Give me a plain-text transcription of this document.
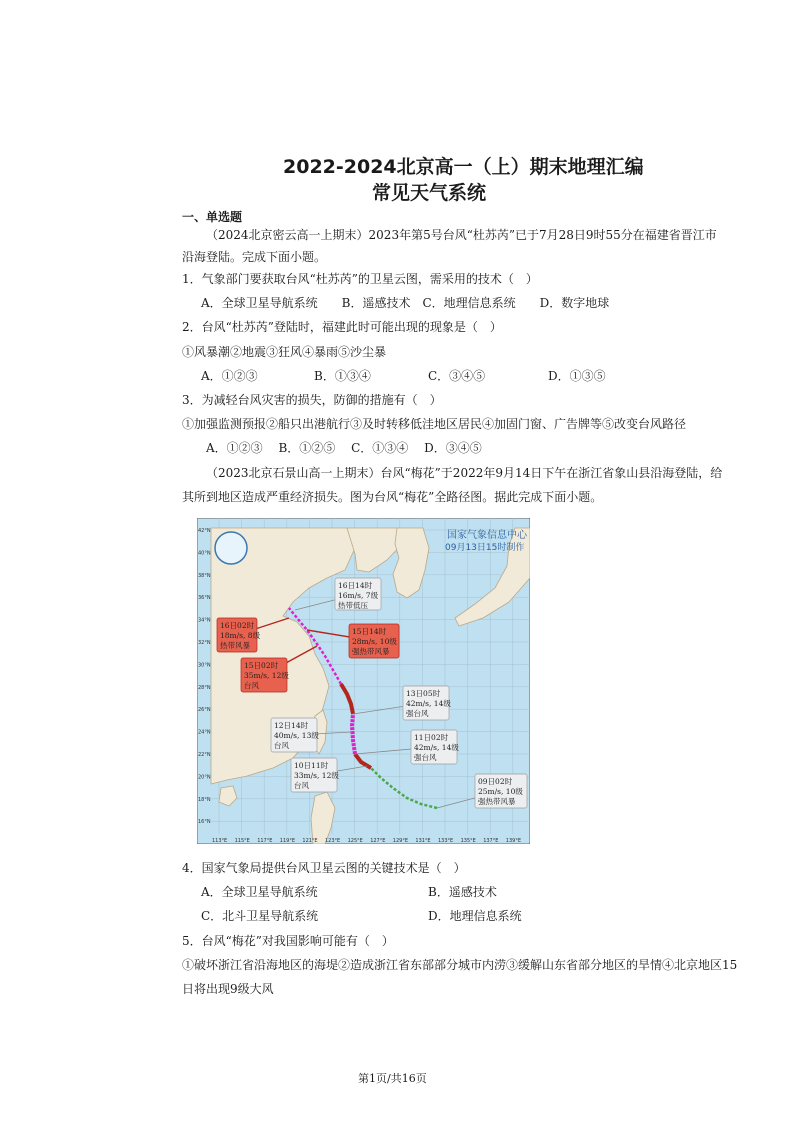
2022-2024北京高一（上）期末地理汇编
常见天气系统
一、单选题
（2024北京密云高一上期末）2023年第5号台风“杜苏芮”已于7月28日9时55分在福建省晋江市
沿海登陆。完成下面小题。
1．气象部门要获取台风“杜苏芮”的卫星云图，需采用的技术（　）
A．全球卫星导航系统　　B．遥感技术　C．地理信息系统　　D．数字地球
2．台风“杜苏芮”登陆时，福建此时可能出现的现象是（　）
①风暴潮②地震③狂风④暴雨⑤沙尘暴
A．①②③	B．①③④	C．③④⑤	D．①③⑤
3．为减轻台风灾害的损失，防御的措施有（　）
①加强监测预报②船只出港航行③及时转移低洼地区居民④加固门窗、广告牌等⑤改变台风路径
A．①②③　 B．①②⑤　 C．①③④　 D．③④⑤
（2023北京石景山高一上期末）台风“梅花”于2022年9月14日下午在浙江省象山县沿海登陆，给
其所到地区造成严重经济损失。图为台风“梅花”全路径图。据此完成下面小题。
国家气象信息中心
09月13日15时制作
16日14时
16m/s, 7级
热带低压
16日02时
18m/s, 8级
热带风暴
15日14时
28m/s, 10级
强热带风暴
15日02时
35m/s, 12级
台风
13日05时
42m/s, 14级
强台风
12日14时
40m/s, 13级
台风
11日02时
42m/s, 14级
强台风
10日11时
33m/s, 12级
台风	09日02时
25m/s, 10级
强热带风暴
42°N
40°N
38°N
36°N
34°N
32°N
30°N
28°N
26°N
24°N
22°N
20°N
18°N
16°N
113°E 115°E 117°E 119°E 121°E 123°E 125°E 127°E 129°E 131°E 133°E 135°E 137°E 139°E
4．国家气象局提供台风卫星云图的关键技术是（　）
A．全球卫星导航系统	B．遥感技术
C．北斗卫星导航系统	D．地理信息系统
5．台风“梅花”对我国影响可能有（　）
①破坏浙江省沿海地区的海堤②造成浙江省东部部分城市内涝③缓解山东省部分地区的旱情④北京地区15
日将出现9级大风
第1页/共16页
